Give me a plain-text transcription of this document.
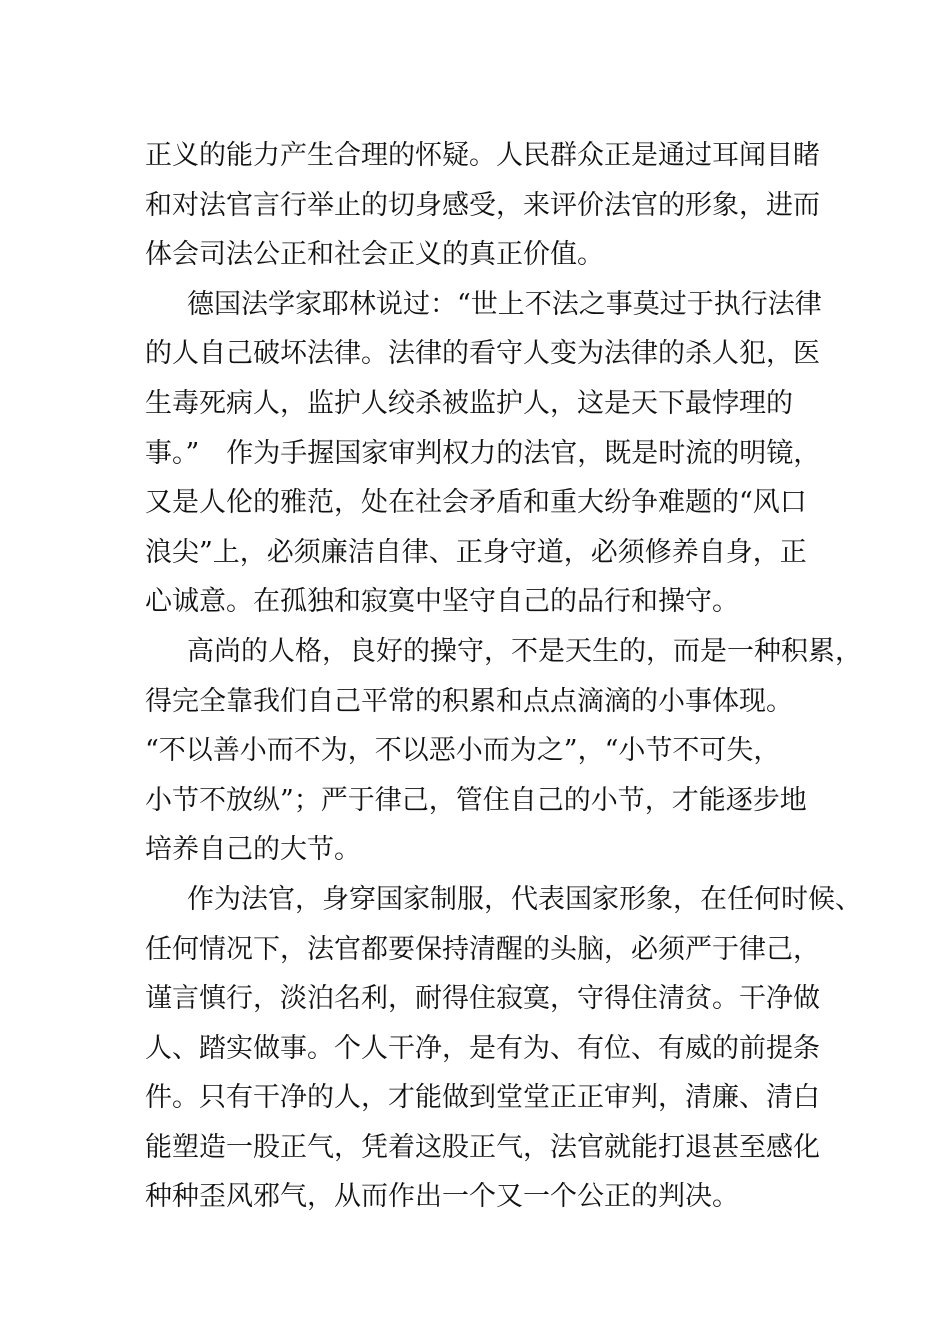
正义的能力产生合理的怀疑。人民群众正是通过耳闻目睹
和对法官言行举止的切身感受，来评价法官的形象，进而
体会司法公正和社会正义的真正价值。
德国法学家耶林说过：“世上不法之事莫过于执行法律
的人自己破坏法律。法律的看守人变为法律的杀人犯，医
生毒死病人，监护人绞杀被监护人，这是天下最悖理的
事。”　作为手握国家审判权力的法官，既是时流的明镜，
又是人伦的雅范，处在社会矛盾和重大纷争难题的“风口
浪尖”上，必须廉洁自律、正身守道，必须修养自身，正
心诚意。在孤独和寂寞中坚守自己的品行和操守。
高尚的人格，良好的操守，不是天生的，而是一种积累，
得完全靠我们自己平常的积累和点点滴滴的小事体现。
“不以善小而不为，不以恶小而为之”，“小节不可失，
小节不放纵”；严于律己，管住自己的小节，才能逐步地
培养自己的大节。
作为法官，身穿国家制服，代表国家形象，在任何时候、
任何情况下，法官都要保持清醒的头脑，必须严于律己，
谨言慎行，淡泊名利，耐得住寂寞，守得住清贫。干净做
人、踏实做事。个人干净，是有为、有位、有威的前提条
件。只有干净的人，才能做到堂堂正正审判，清廉、清白
能塑造一股正气，凭着这股正气，法官就能打退甚至感化
种种歪风邪气，从而作出一个又一个公正的判决。
